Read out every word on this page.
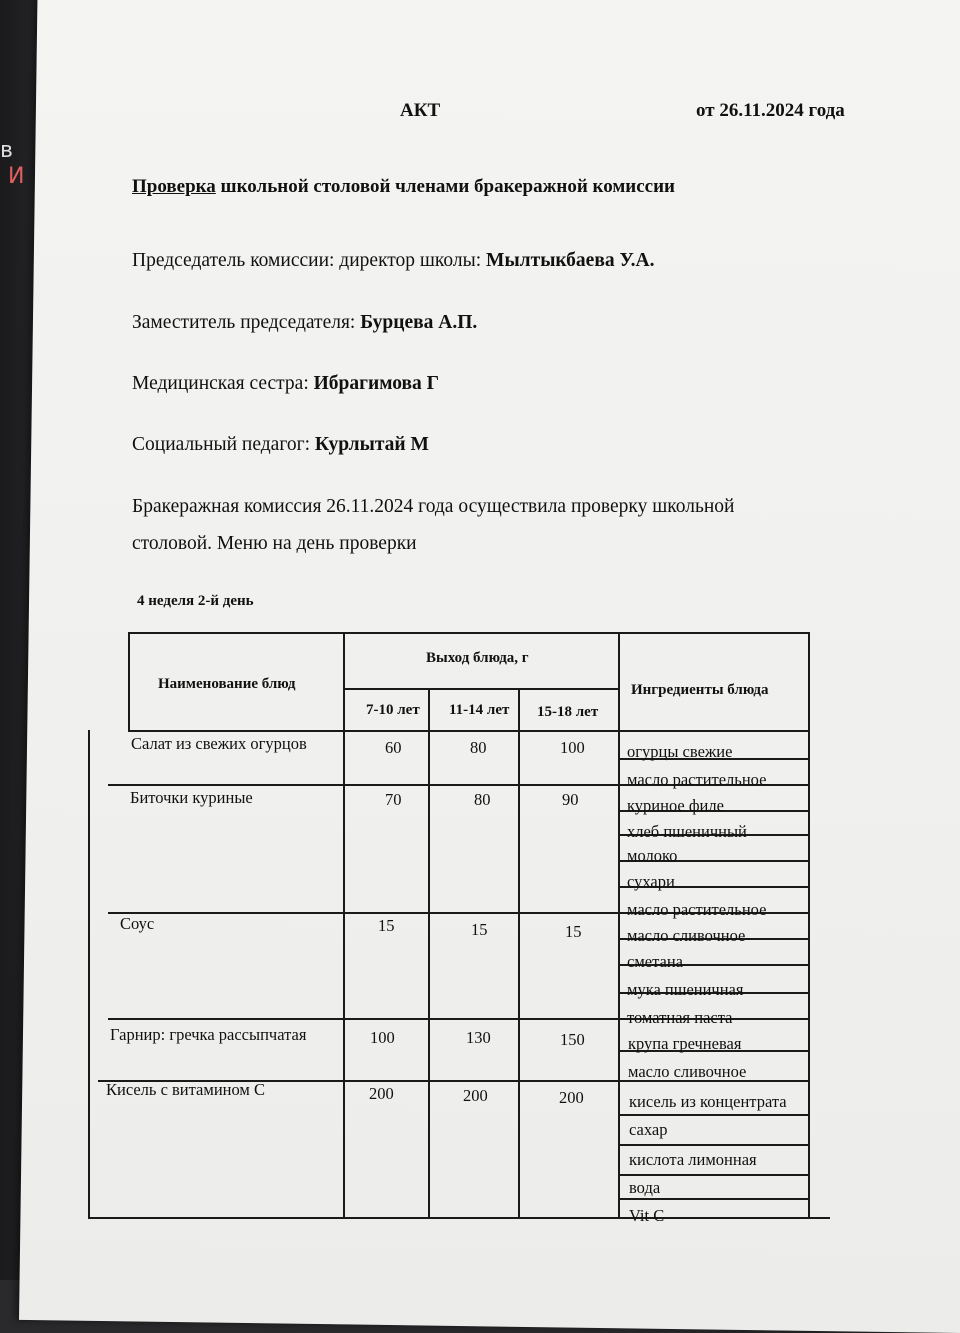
в
И
АКТ	от 26.11.2024 года
Проверка школьной столовой членами бракеражной комиссии
Председатель комиссии: директор школы: Мылтыкбаева У.А.
Заместитель председателя: Бурцева А.П.
Медицинская сестра: Ибрагимова Г
Социальный педагог: Курлытай М
Бракеражная комиссия 26.11.2024 года осуществила проверку школьной
столовой. Меню на день проверки
4 неделя 2-й день
Наименование блюд
Выход блюда, г
Ингредиенты блюда
7-10 лет 11-14 лет 15-18 лет
Салат из свежих огурцов	60	80	100	огурцы свежие
масло растительное
Биточки куриные	70	80	90	куриное филе
хлеб пшеничный
молоко
сухари
масло растительное
Соус	15	15	15	масло сливочное
сметана
мука пшеничная
томатная паста
Гарнир: гречка рассыпчатая	100	130	150	крупа гречневая
масло сливочное
Кисель с витамином С	200	200	200	кисель из концентрата
сахар
кислота лимонная
вода
Vit C
